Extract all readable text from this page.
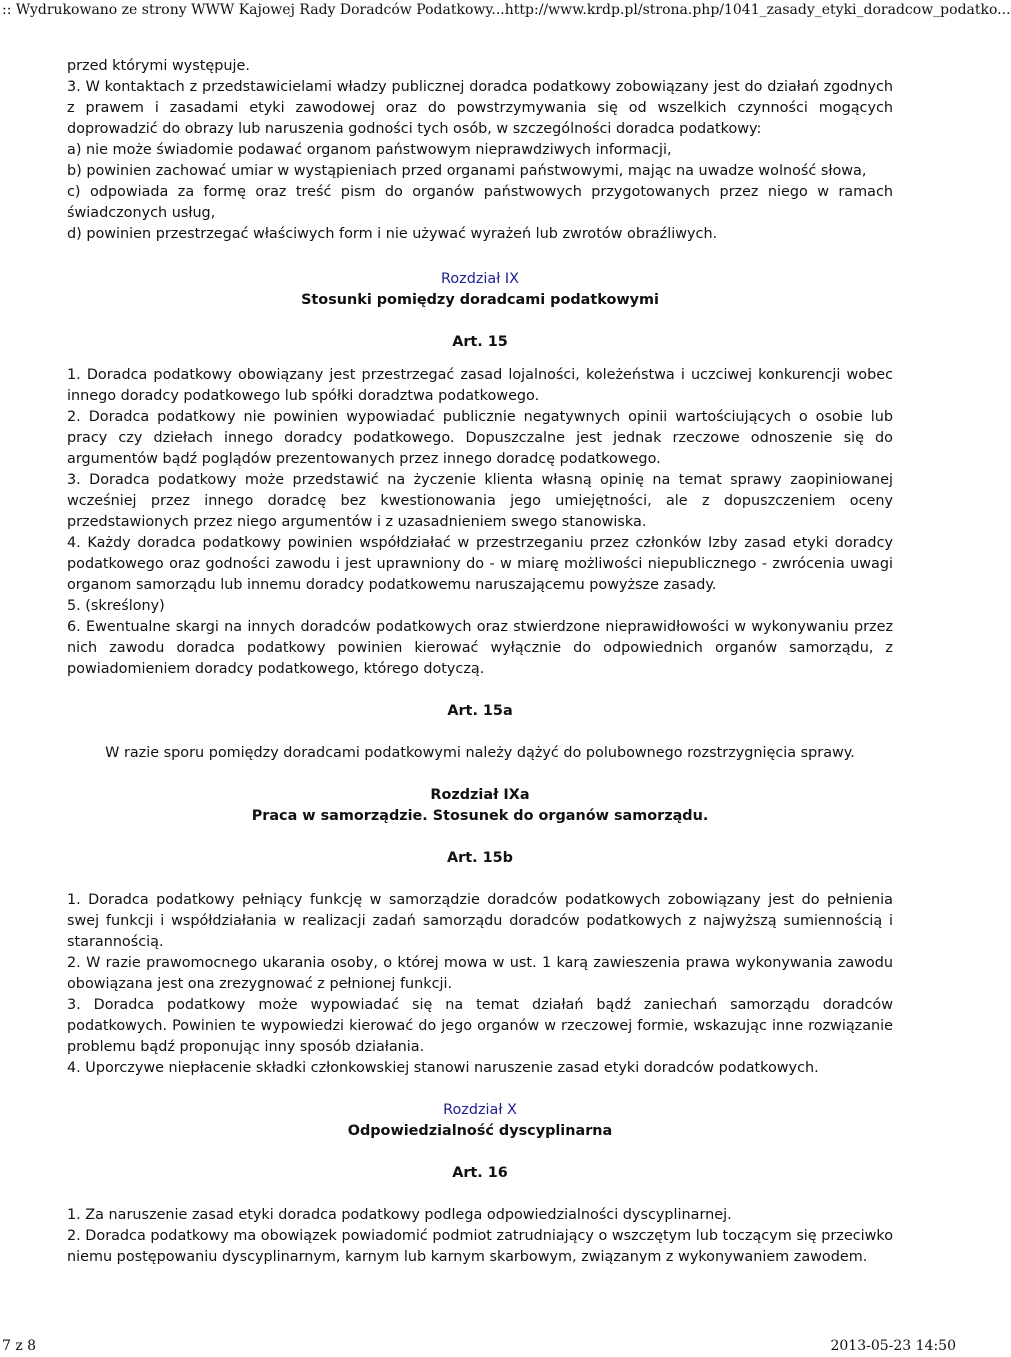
:: Wydrukowano ze strony WWW Kajowej Rady Doradców Podatkowy... http://www.krdp.pl/strona.php/1041_zasady_etyki_doradcow_podatko...

przed którymi występuje.

3. W kontaktach z przedstawicielami władzy publicznej doradca podatkowy zobowiązany jest do działań zgodnych z prawem i zasadami etyki zawodowej oraz do powstrzymywania się od wszelkich czynności mogących doprowadzić do obrazy lub naruszenia godności tych osób, w szczególności doradca podatkowy:

a) nie może świadomie podawać organom państwowym nieprawdziwych informacji,

b) powinien zachować umiar w wystąpieniach przed organami państwowymi, mając na uwadze wolność słowa,

c) odpowiada za formę oraz treść pism do organów państwowych przygotowanych przez niego w ramach świadczonych usług,

d) powinien przestrzegać właściwych form i nie używać wyrażeń lub zwrotów obraźliwych.

Rozdział IX

Stosunki pomiędzy doradcami podatkowymi

Art. 15

1. Doradca podatkowy obowiązany jest przestrzegać zasad lojalności, koleżeństwa i uczciwej konkurencji wobec innego doradcy podatkowego lub spółki doradztwa podatkowego.

2. Doradca podatkowy nie powinien wypowiadać publicznie negatywnych opinii wartościujących o osobie lub pracy czy dziełach innego doradcy podatkowego. Dopuszczalne jest jednak rzeczowe odnoszenie się do argumentów bądź poglądów prezentowanych przez innego doradcę podatkowego.

3. Doradca podatkowy może przedstawić na życzenie klienta własną opinię na temat sprawy zaopiniowanej wcześniej przez innego doradcę bez kwestionowania jego umiejętności, ale z dopuszczeniem oceny przedstawionych przez niego argumentów i z uzasadnieniem swego stanowiska.

4. Każdy doradca podatkowy powinien współdziałać w przestrzeganiu przez członków Izby zasad etyki doradcy podatkowego oraz godności zawodu i jest uprawniony do - w miarę możliwości niepublicznego - zwrócenia uwagi organom samorządu lub innemu doradcy podatkowemu naruszającemu powyższe zasady.

5. (skreślony)

6. Ewentualne skargi na innych doradców podatkowych oraz stwierdzone nieprawidłowości w wykonywaniu przez nich zawodu doradca podatkowy powinien kierować wyłącznie do odpowiednich organów samorządu, z powiadomieniem doradcy podatkowego, którego dotyczą.

Art. 15a

W razie sporu pomiędzy doradcami podatkowymi należy dążyć do polubownego rozstrzygnięcia sprawy.

Rozdział IXa

Praca w samorządzie. Stosunek do organów samorządu.

Art. 15b

1. Doradca podatkowy pełniący funkcję w samorządzie doradców podatkowych zobowiązany jest do pełnienia swej funkcji i współdziałania w realizacji zadań samorządu doradców podatkowych z najwyższą sumiennością i starannością.

2. W razie prawomocnego ukarania osoby, o której mowa w ust. 1 karą zawieszenia prawa wykonywania zawodu obowiązana jest ona zrezygnować z pełnionej funkcji.

3. Doradca podatkowy może wypowiadać się na temat działań bądź zaniechań samorządu doradców podatkowych. Powinien te wypowiedzi kierować do jego organów w rzeczowej formie, wskazując inne rozwiązanie problemu bądź proponując inny sposób działania.

4. Uporczywe niepłacenie składki członkowskiej stanowi naruszenie zasad etyki doradców podatkowych.

Rozdział X

Odpowiedzialność dyscyplinarna

Art. 16

1. Za naruszenie zasad etyki doradca podatkowy podlega odpowiedzialności dyscyplinarnej.

2. Doradca podatkowy ma obowiązek powiadomić podmiot zatrudniający o wszczętym lub toczącym się przeciwko niemu postępowaniu dyscyplinarnym, karnym lub karnym skarbowym, związanym z wykonywaniem zawodem.

7 z 8	2013-05-23 14:50
